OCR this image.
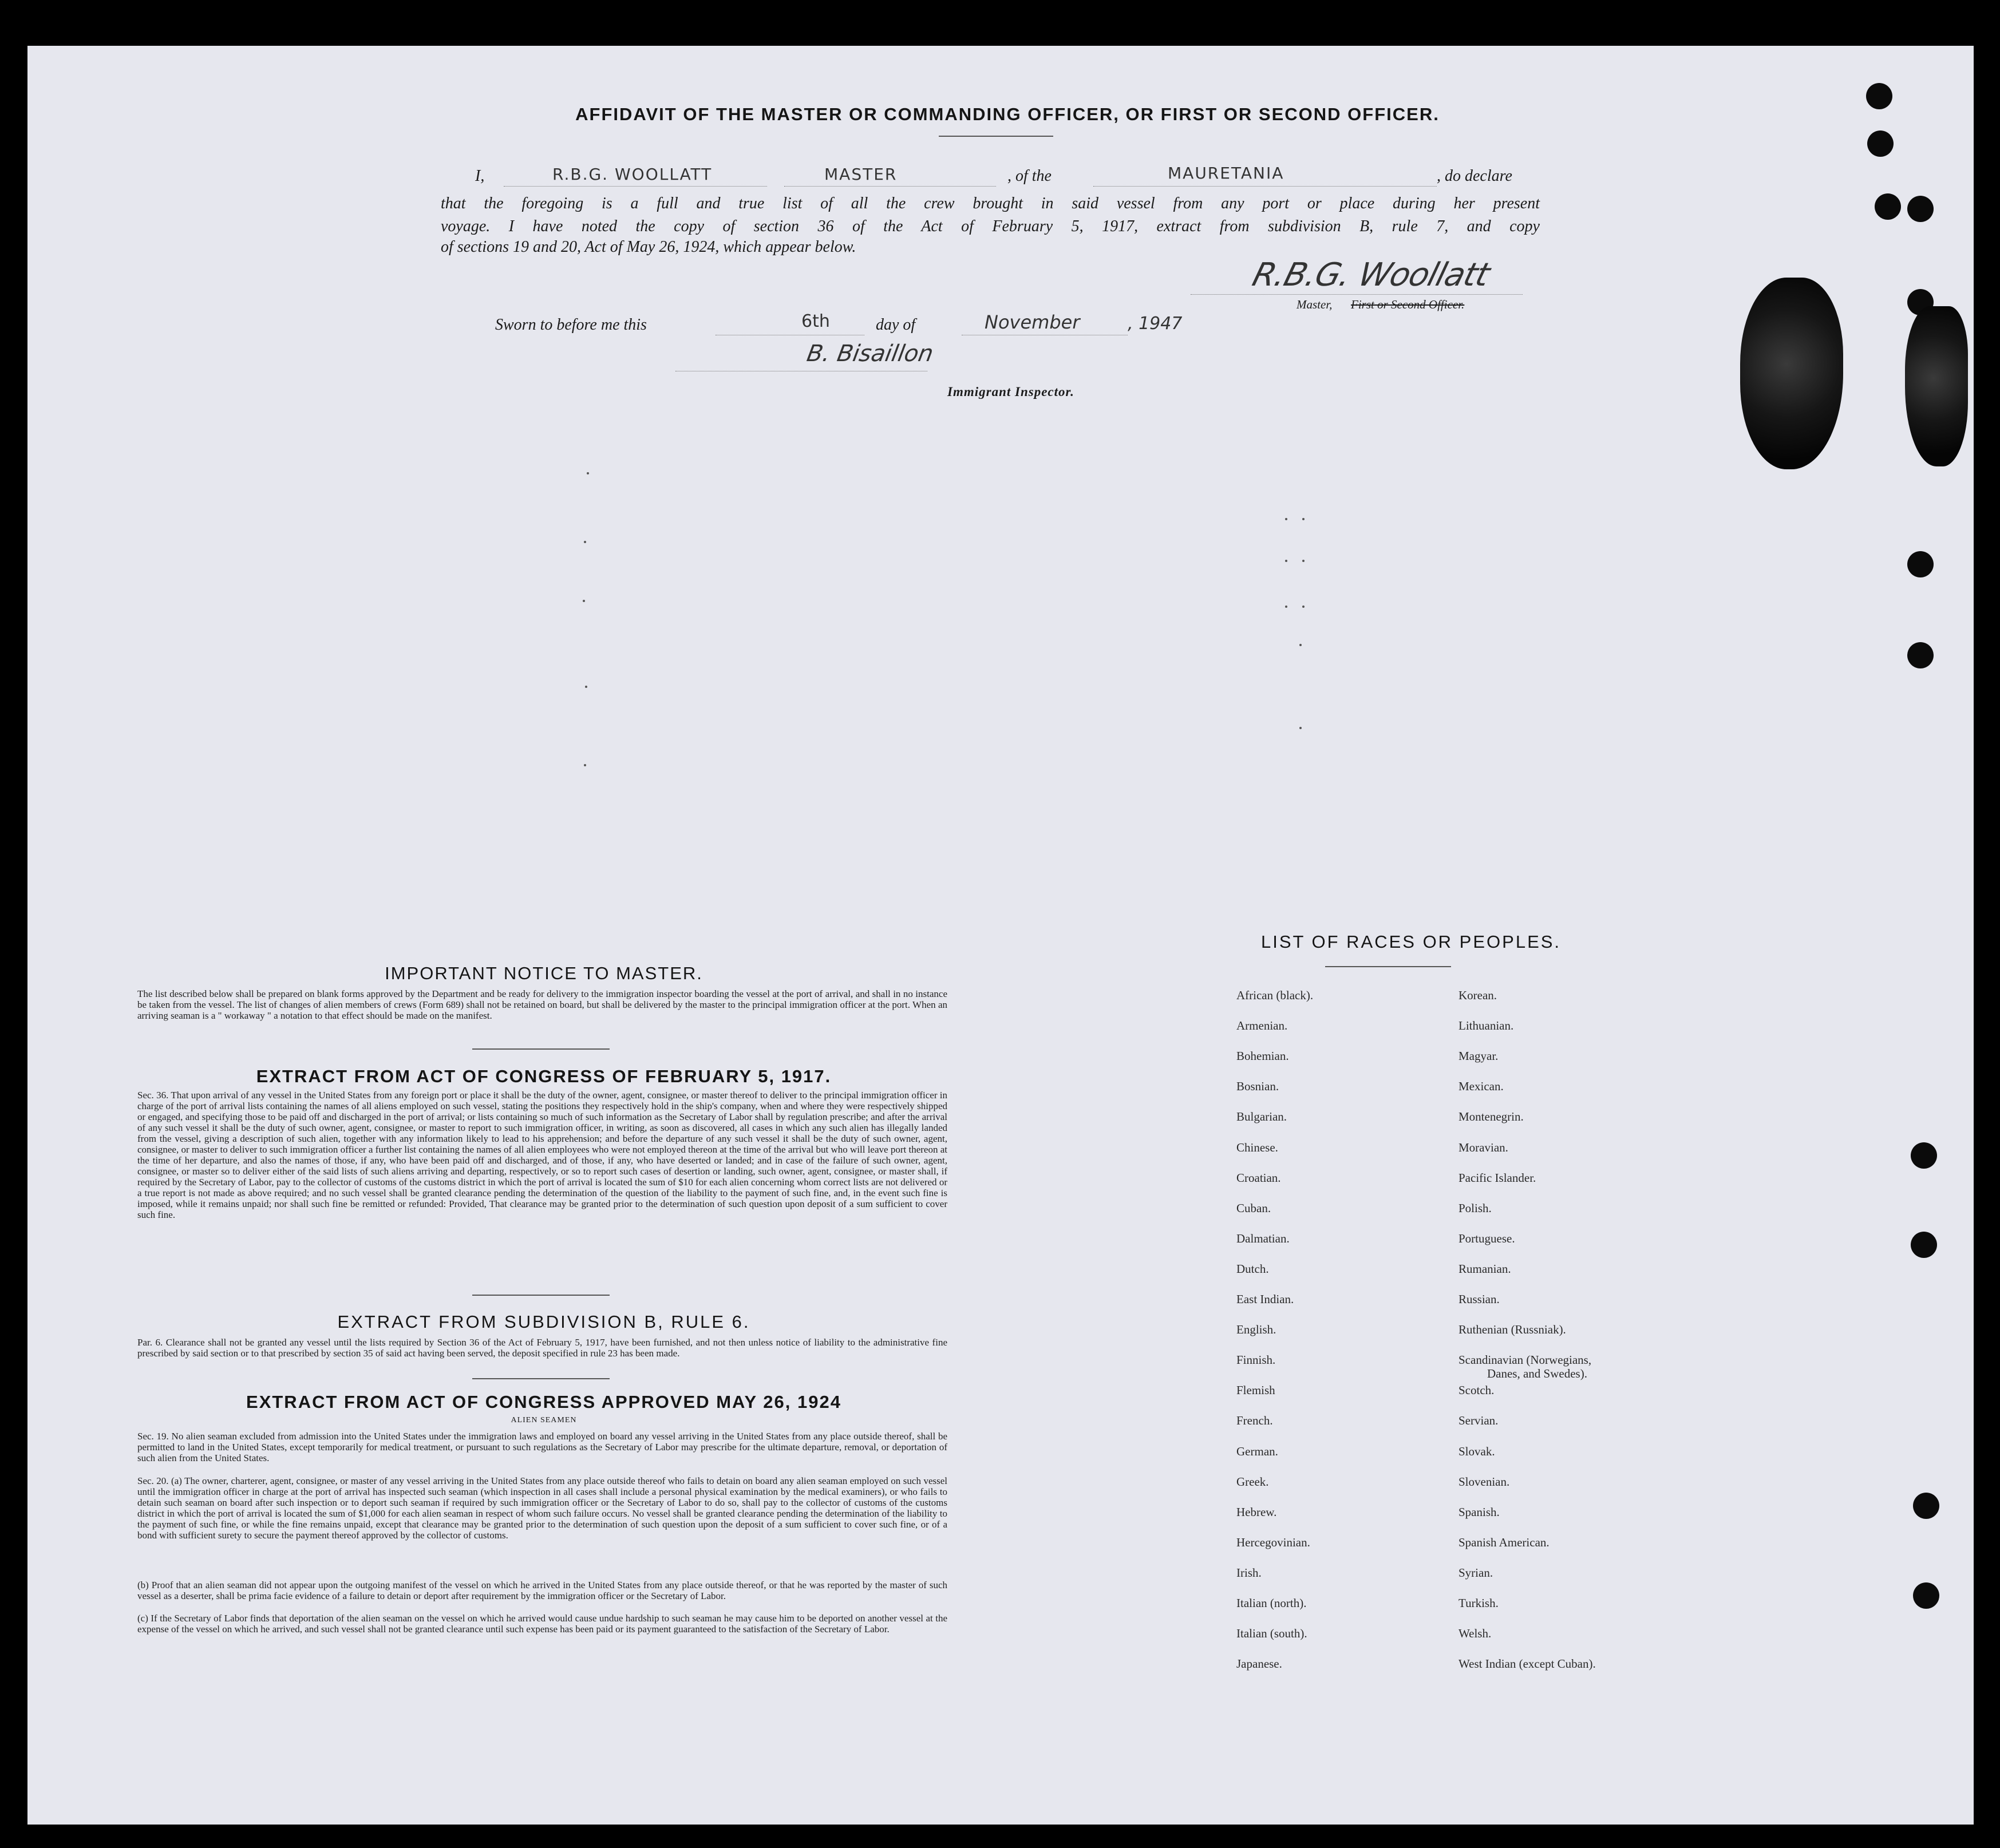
AFFIDAVIT OF THE MASTER OR COMMANDING OFFICER, OR FIRST OR SECOND OFFICER.
I,	R.B.G. WOOLLATT	MASTER	, of the	MAURETANIA	, do declare
that the foregoing is a full and true list of all the crew brought in said vessel from any port or place during her present
voyage. I have noted the copy of section 36 of the Act of February 5, 1917, extract from subdivision B, rule 7, and copy
of sections 19 and 20, Act of May 26, 1924, which appear below.
R.B.G. Woollatt
Master, First or Second Officer.
Sworn to before me this	6th	day of	November	, 1947
B. Bisaillon
Immigrant Inspector.
IMPORTANT NOTICE TO MASTER.
The list described below shall be prepared on blank forms approved by the Department and be ready for delivery to the immigration inspector boarding the vessel at the port of arrival, and shall in no instance be taken from the vessel. The list of changes of alien members of crews (Form 689) shall not be retained on board, but shall be delivered by the master to the principal immigration officer at the port. When an arriving seaman is a " workaway " a notation to that effect should be made on the manifest.
EXTRACT FROM ACT OF CONGRESS OF FEBRUARY 5, 1917.
Sec. 36. That upon arrival of any vessel in the United States from any foreign port or place it shall be the duty of the owner, agent, consignee, or master thereof to deliver to the principal immigration officer in charge of the port of arrival lists containing the names of all aliens employed on such vessel, stating the positions they respectively hold in the ship's company, when and where they were respectively shipped or engaged, and specifying those to be paid off and discharged in the port of arrival; or lists containing so much of such information as the Secretary of Labor shall by regulation prescribe; and after the arrival of any such vessel it shall be the duty of such owner, agent, consignee, or master to report to such immigration officer, in writing, as soon as discovered, all cases in which any such alien has illegally landed from the vessel, giving a description of such alien, together with any information likely to lead to his apprehension; and before the departure of any such vessel it shall be the duty of such owner, agent, consignee, or master to deliver to such immigration officer a further list containing the names of all alien employees who were not employed thereon at the time of the arrival but who will leave port thereon at the time of her departure, and also the names of those, if any, who have been paid off and discharged, and of those, if any, who have deserted or landed; and in case of the failure of such owner, agent, consignee, or master so to deliver either of the said lists of such aliens arriving and departing, respectively, or so to report such cases of desertion or landing, such owner, agent, consignee, or master shall, if required by the Secretary of Labor, pay to the collector of customs of the customs district in which the port of arrival is located the sum of $10 for each alien concerning whom correct lists are not delivered or a true report is not made as above required; and no such vessel shall be granted clearance pending the determination of the question of the liability to the payment of such fine, and, in the event such fine is imposed, while it remains unpaid; nor shall such fine be remitted or refunded: Provided, That clearance may be granted prior to the determination of such question upon deposit of a sum sufficient to cover such fine.
EXTRACT FROM SUBDIVISION B, RULE 6.
Par. 6. Clearance shall not be granted any vessel until the lists required by Section 36 of the Act of February 5, 1917, have been furnished, and not then unless notice of liability to the administrative fine prescribed by said section or to that prescribed by section 35 of said act having been served, the deposit specified in rule 23 has been made.
EXTRACT FROM ACT OF CONGRESS APPROVED MAY 26, 1924
ALIEN SEAMEN
Sec. 19. No alien seaman excluded from admission into the United States under the immigration laws and employed on board any vessel arriving in the United States from any place outside thereof, shall be permitted to land in the United States, except temporarily for medical treatment, or pursuant to such regulations as the Secretary of Labor may prescribe for the ultimate departure, removal, or deportation of such alien from the United States.
Sec. 20. (a) The owner, charterer, agent, consignee, or master of any vessel arriving in the United States from any place outside thereof who fails to detain on board any alien seaman employed on such vessel until the immigration officer in charge at the port of arrival has inspected such seaman (which inspection in all cases shall include a personal physical examination by the medical examiners), or who fails to detain such seaman on board after such inspection or to deport such seaman if required by such immigration officer or the Secretary of Labor to do so, shall pay to the collector of customs of the customs district in which the port of arrival is located the sum of $1,000 for each alien seaman in respect of whom such failure occurs. No vessel shall be granted clearance pending the determination of the liability to the payment of such fine, or while the fine remains unpaid, except that clearance may be granted prior to the determination of such question upon the deposit of a sum sufficient to cover such fine, or of a bond with sufficient surety to secure the payment thereof approved by the collector of customs.
(b) Proof that an alien seaman did not appear upon the outgoing manifest of the vessel on which he arrived in the United States from any place outside thereof, or that he was reported by the master of such vessel as a deserter, shall be prima facie evidence of a failure to detain or deport after requirement by the immigration officer or the Secretary of Labor.
(c) If the Secretary of Labor finds that deportation of the alien seaman on the vessel on which he arrived would cause undue hardship to such seaman he may cause him to be deported on another vessel at the expense of the vessel on which he arrived, and such vessel shall not be granted clearance until such expense has been paid or its payment guaranteed to the satisfaction of the Secretary of Labor.
LIST OF RACES OR PEOPLES.
African (black).
Armenian.
Bohemian.
Bosnian.
Bulgarian.
Chinese.
Croatian.
Cuban.
Dalmatian.
Dutch.
East Indian.
English.
Finnish.
Flemish
French.
German.
Greek.
Hebrew.
Hercegovinian.
Irish.
Italian (north).
Italian (south).
Japanese.
Korean.
Lithuanian.
Magyar.
Mexican.
Montenegrin.
Moravian.
Pacific Islander.
Polish.
Portuguese.
Rumanian.
Russian.
Ruthenian (Russniak).
Scandinavian (Norwegians,
Scotch.
Servian.
Slovak.
Slovenian.
Spanish.
Spanish American.
Syrian.
Turkish.
Welsh.
West Indian (except Cuban).
Danes, and Swedes).
